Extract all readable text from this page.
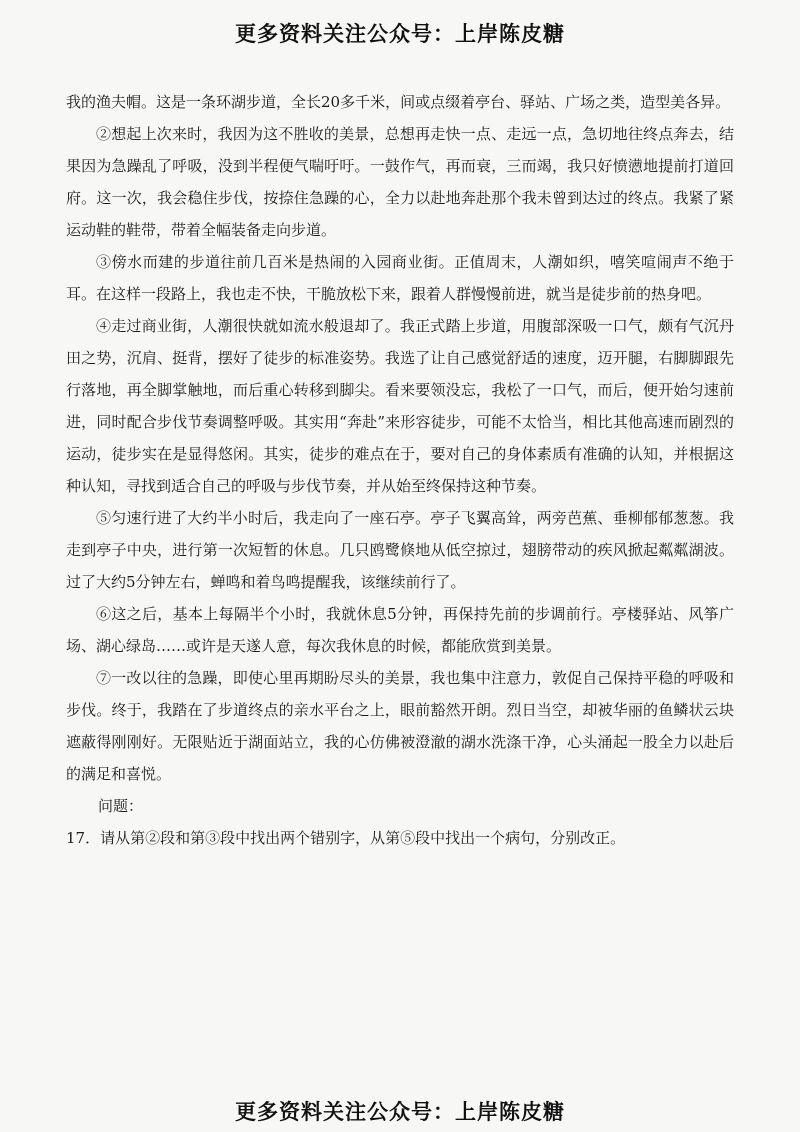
更多资料关注公众号：上岸陈皮糖

我的渔夫帽。这是一条环湖步道，全长20多千米，间或点缀着亭台、驿站、广场之类，造型美各异。

②想起上次来时，我因为这不胜收的美景，总想再走快一点、走远一点，急切地往终点奔去，结果因为急躁乱了呼吸，没到半程便气喘吁吁。一鼓作气，再而衰，三而竭，我只好愤懑地提前打道回府。这一次，我会稳住步伐，按捺住急躁的心，全力以赴地奔赴那个我未曾到达过的终点。我紧了紧运动鞋的鞋带，带着全幅装备走向步道。

③傍水而建的步道往前几百米是热闹的入园商业街。正值周末，人潮如织，嘻笑喧闹声不绝于耳。在这样一段路上，我也走不快，干脆放松下来，跟着人群慢慢前进，就当是徒步前的热身吧。

④走过商业街，人潮很快就如流水般退却了。我正式踏上步道，用腹部深吸一口气，颇有气沉丹田之势，沉肩、挺背，摆好了徒步的标准姿势。我选了让自己感觉舒适的速度，迈开腿，右脚脚跟先行落地，再全脚掌触地，而后重心转移到脚尖。看来要领没忘，我松了一口气，而后，便开始匀速前进，同时配合步伐节奏调整呼吸。其实用“奔赴”来形容徒步，可能不太恰当，相比其他高速而剧烈的运动，徒步实在是显得悠闲。其实，徒步的难点在于，要对自己的身体素质有准确的认知，并根据这种认知，寻找到适合自己的呼吸与步伐节奏，并从始至终保持这种节奏。

⑤匀速行进了大约半小时后，我走向了一座石亭。亭子飞翼高耸，两旁芭蕉、垂柳郁郁葱葱。我走到亭子中央，进行第一次短暂的休息。几只鸥鹭倏地从低空掠过，翅膀带动的疾风掀起粼粼湖波。过了大约5分钟左右，蝉鸣和着鸟鸣提醒我，该继续前行了。

⑥这之后，基本上每隔半个小时，我就休息5分钟，再保持先前的步调前行。亭楼驿站、风筝广场、湖心绿岛……或许是天遂人意，每次我休息的时候，都能欣赏到美景。

⑦一改以往的急躁，即使心里再期盼尽头的美景，我也集中注意力，敦促自己保持平稳的呼吸和步伐。终于，我踏在了步道终点的亲水平台之上，眼前豁然开朗。烈日当空，却被华丽的鱼鳞状云块遮蔽得刚刚好。无限贴近于湖面站立，我的心仿佛被澄澈的湖水洗涤干净，心头涌起一股全力以赴后的满足和喜悦。

问题：

17．请从第②段和第③段中找出两个错别字，从第⑤段中找出一个病句，分别改正。

更多资料关注公众号：上岸陈皮糖
